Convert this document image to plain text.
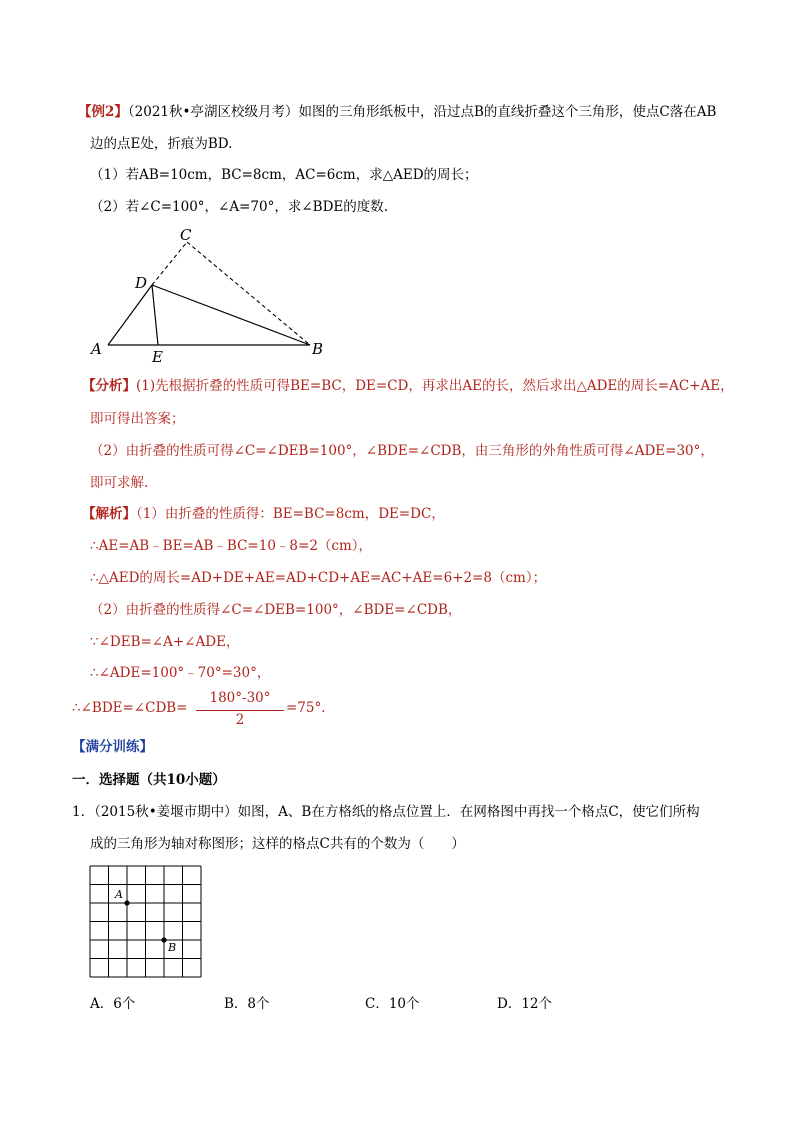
【例2】（2021秋•亭湖区校级月考）如图的三角形纸板中，沿过点B的直线折叠这个三角形，使点C落在AB
边的点E处，折痕为BD.
（1）若AB=10cm，BC=8cm，AC=6cm，求△AED的周长；
（2）若∠C=100°，∠A=70°，求∠BDE的度数.
C
D
A	E	B
【分析】(1)先根据折叠的性质可得BE=BC，DE=CD，再求出AE的长，然后求出△ADE的周长=AC+AE，
即可得出答案；
（2）由折叠的性质可得∠C=∠DEB=100°，∠BDE=∠CDB，由三角形的外角性质可得∠ADE=30°，
即可求解.
【解析】（1）由折叠的性质得：BE=BC=8cm，DE=DC，
∴AE=AB﹣BE=AB﹣BC=10﹣8=2（cm），
∴△AED的周长=AD+DE+AE=AD+CD+AE=AC+AE=6+2=8（cm）；
（2）由折叠的性质得∠C=∠DEB=100°，∠BDE=∠CDB，
∵∠DEB=∠A+∠ADE，
∴∠ADE=100°﹣70°=30°，
∴∠BDE=∠CDB=
180°-30°
2
=75°.
【满分训练】
一．选择题（共10小题）
1．（2015秋•姜堰市期中）如图，A、B在方格纸的格点位置上．在网格图中再找一个格点C，使它们所构
成的三角形为轴对称图形；这样的格点C共有的个数为（　　）
A
B
A．6个	B．8个	C．10个	D．12个
